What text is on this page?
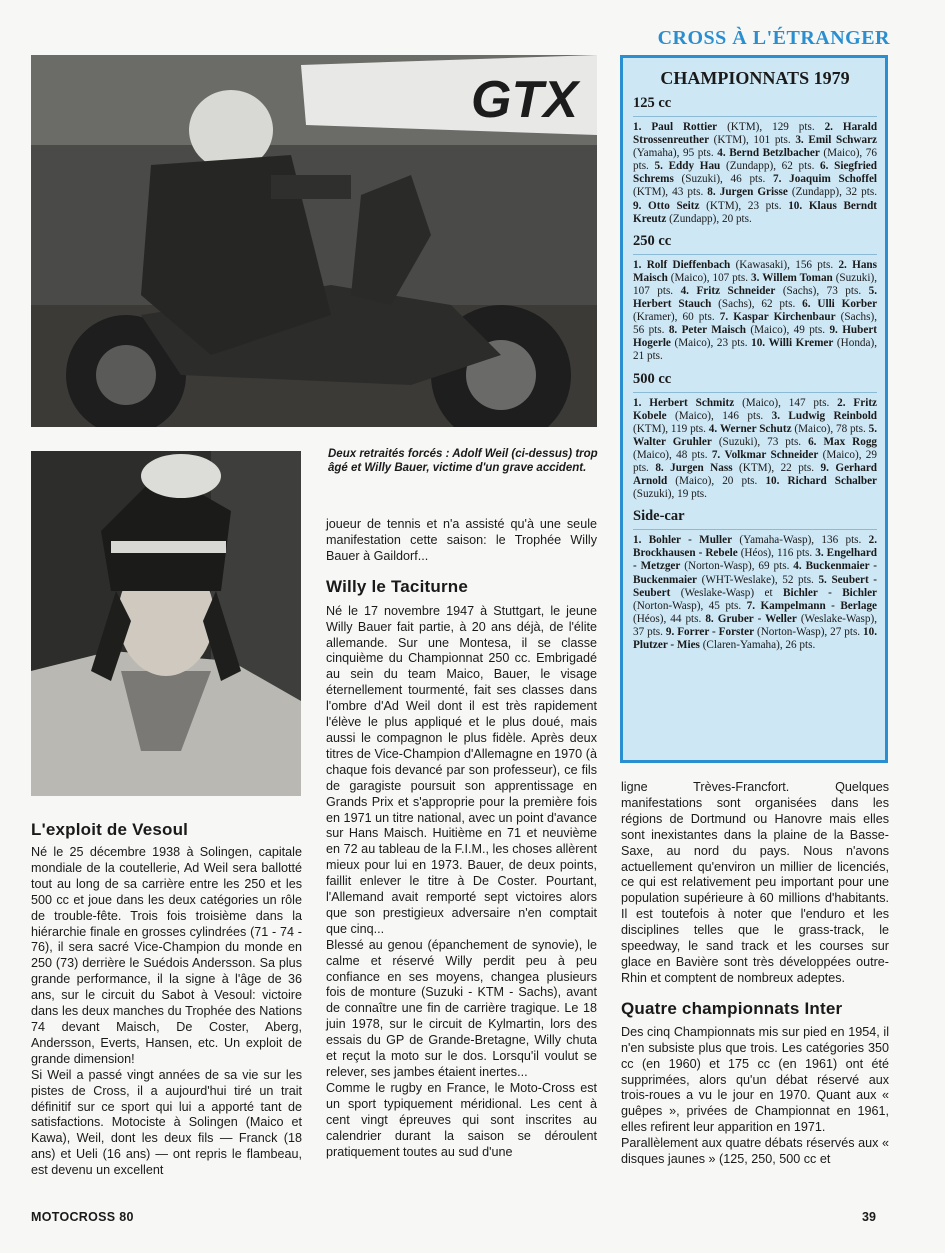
CROSS À L'ÉTRANGER
GTX
Deux retraités forcés : Adolf Weil (ci-dessus) trop âgé et Willy Bauer, victime d'un grave accident.
L'exploit de Vesoul

Né le 25 décembre 1938 à Solingen, capitale mondiale de la coutellerie, Ad Weil sera ballotté tout au long de sa carrière entre les 250 et les 500 cc et joue dans les deux catégories un rôle de trouble-fête. Trois fois troisième dans la hiérarchie finale en grosses cylindrées (71 - 74 - 76), il sera sacré Vice-Champion du monde en 250 (73) derrière le Suédois Andersson. Sa plus grande performance, il la signe à l'âge de 36 ans, sur le circuit du Sabot à Vesoul: victoire dans les deux manches du Trophée des Nations 74 devant Maisch, De Coster, Aberg, Andersson, Everts, Hansen, etc. Un exploit de grande dimension!

Si Weil a passé vingt années de sa vie sur les pistes de Cross, il a aujourd'hui tiré un trait définitif sur ce sport qui lui a apporté tant de satisfactions. Motociste à Solingen (Maico et Kawa), Weil, dont les deux fils — Franck (18 ans) et Ueli (16 ans) — ont repris le flambeau, est devenu un excellent

joueur de tennis et n'a assisté qu'à une seule manifestation cette saison: le Trophée Willy Bauer à Gaildorf...

Willy le Taciturne

Né le 17 novembre 1947 à Stuttgart, le jeune Willy Bauer fait partie, à 20 ans déjà, de l'élite allemande. Sur une Montesa, il se classe cinquième du Championnat 250 cc. Embrigadé au sein du team Maico, Bauer, le visage éternellement tourmenté, fait ses classes dans l'ombre d'Ad Weil dont il est très rapidement l'élève le plus appliqué et le plus doué, mais aussi le compagnon le plus fidèle. Après deux titres de Vice-Champion d'Allemagne en 1970 (à chaque fois devancé par son professeur), ce fils de garagiste poursuit son apprentissage en Grands Prix et s'approprie pour la première fois en 1971 un titre national, avec un point d'avance sur Hans Maisch. Huitième en 71 et neuvième en 72 au tableau de la F.I.M., les choses allèrent mieux pour lui en 1973. Bauer, de deux points, faillit enlever le titre à De Coster. Pourtant, l'Allemand avait remporté sept victoires alors que son prestigieux adversaire n'en comptait que cinq...

Blessé au genou (épanchement de synovie), le calme et réservé Willy perdit peu à peu confiance en ses moyens, changea plusieurs fois de monture (Suzuki - KTM - Sachs), avant de connaître une fin de carrière tragique. Le 18 juin 1978, sur le circuit de Kylmartin, lors des essais du GP de Grande-Bretagne, Willy chuta et reçut la moto sur le dos. Lorsqu'il voulut se relever, ses jambes étaient inertes...

Comme le rugby en France, le Moto-Cross est un sport typiquement méridional. Les cent à cent vingt épreuves qui sont inscrites au calendrier durant la saison se déroulent pratiquement toutes au sud d'une

CHAMPIONNATS 1979
125 cc
1. Paul Rottier (KTM), 129 pts. 2. Harald Strossenreuther (KTM), 101 pts. 3. Emil Schwarz (Yamaha), 95 pts. 4. Bernd Betzlbacher (Maico), 76 pts. 5. Eddy Hau (Zundapp), 62 pts. 6. Siegfried Schrems (Suzuki), 46 pts. 7. Joaquim Schoffel (KTM), 43 pts. 8. Jurgen Grisse (Zundapp), 32 pts. 9. Otto Seitz (KTM), 23 pts. 10. Klaus Berndt Kreutz (Zundapp), 20 pts.
250 cc
1. Rolf Dieffenbach (Kawasaki), 156 pts. 2. Hans Maisch (Maico), 107 pts. 3. Willem Toman (Suzuki), 107 pts. 4. Fritz Schneider (Sachs), 73 pts. 5. Herbert Stauch (Sachs), 62 pts. 6. Ulli Korber (Kramer), 60 pts. 7. Kaspar Kirchenbaur (Sachs), 56 pts. 8. Peter Maisch (Maico), 49 pts. 9. Hubert Hogerle (Maico), 23 pts. 10. Willi Kremer (Honda), 21 pts.
500 cc
1. Herbert Schmitz (Maico), 147 pts. 2. Fritz Kobele (Maico), 146 pts. 3. Ludwig Reinbold (KTM), 119 pts. 4. Werner Schutz (Maico), 78 pts. 5. Walter Gruhler (Suzuki), 73 pts. 6. Max Rogg (Maico), 48 pts. 7. Volkmar Schneider (Maico), 29 pts. 8. Jurgen Nass (KTM), 22 pts. 9. Gerhard Arnold (Maico), 20 pts. 10. Richard Schalber (Suzuki), 19 pts.
Side-car
1. Bohler - Muller (Yamaha-Wasp), 136 pts. 2. Brockhausen - Rebele (Héos), 116 pts. 3. Engelhard - Metzger (Norton-Wasp), 69 pts. 4. Buckenmaier - Buckenmaier (WHT-Weslake), 52 pts. 5. Seubert - Seubert (Weslake-Wasp) et Bichler - Bichler (Norton-Wasp), 45 pts. 7. Kampelmann - Berlage (Héos), 44 pts. 8. Gruber - Weller (Weslake-Wasp), 37 pts. 9. Forrer - Forster (Norton-Wasp), 27 pts. 10. Plutzer - Mies (Claren-Yamaha), 26 pts.

ligne Trèves-Francfort. Quelques manifestations sont organisées dans les régions de Dortmund ou Hanovre mais elles sont inexistantes dans la plaine de la Basse-Saxe, au nord du pays. Nous n'avons actuellement qu'environ un millier de licenciés, ce qui est relativement peu important pour une population supérieure à 60 millions d'habitants. Il est toutefois à noter que l'enduro et les disciplines telles que le grass-track, le speedway, le sand track et les courses sur glace en Bavière sont très développées outre-Rhin et comptent de nombreux adeptes.

Quatre championnats Inter

Des cinq Championnats mis sur pied en 1954, il n'en subsiste plus que trois. Les catégories 350 cc (en 1960) et 175 cc (en 1961) ont été supprimées, alors qu'un débat réservé aux trois-roues a vu le jour en 1970. Quant aux « guêpes », privées de Championnat en 1961, elles refirent leur apparition en 1971.

Parallèlement aux quatre débats réservés aux « disques jaunes » (125, 250, 500 cc et

MOTOCROSS 80	39
